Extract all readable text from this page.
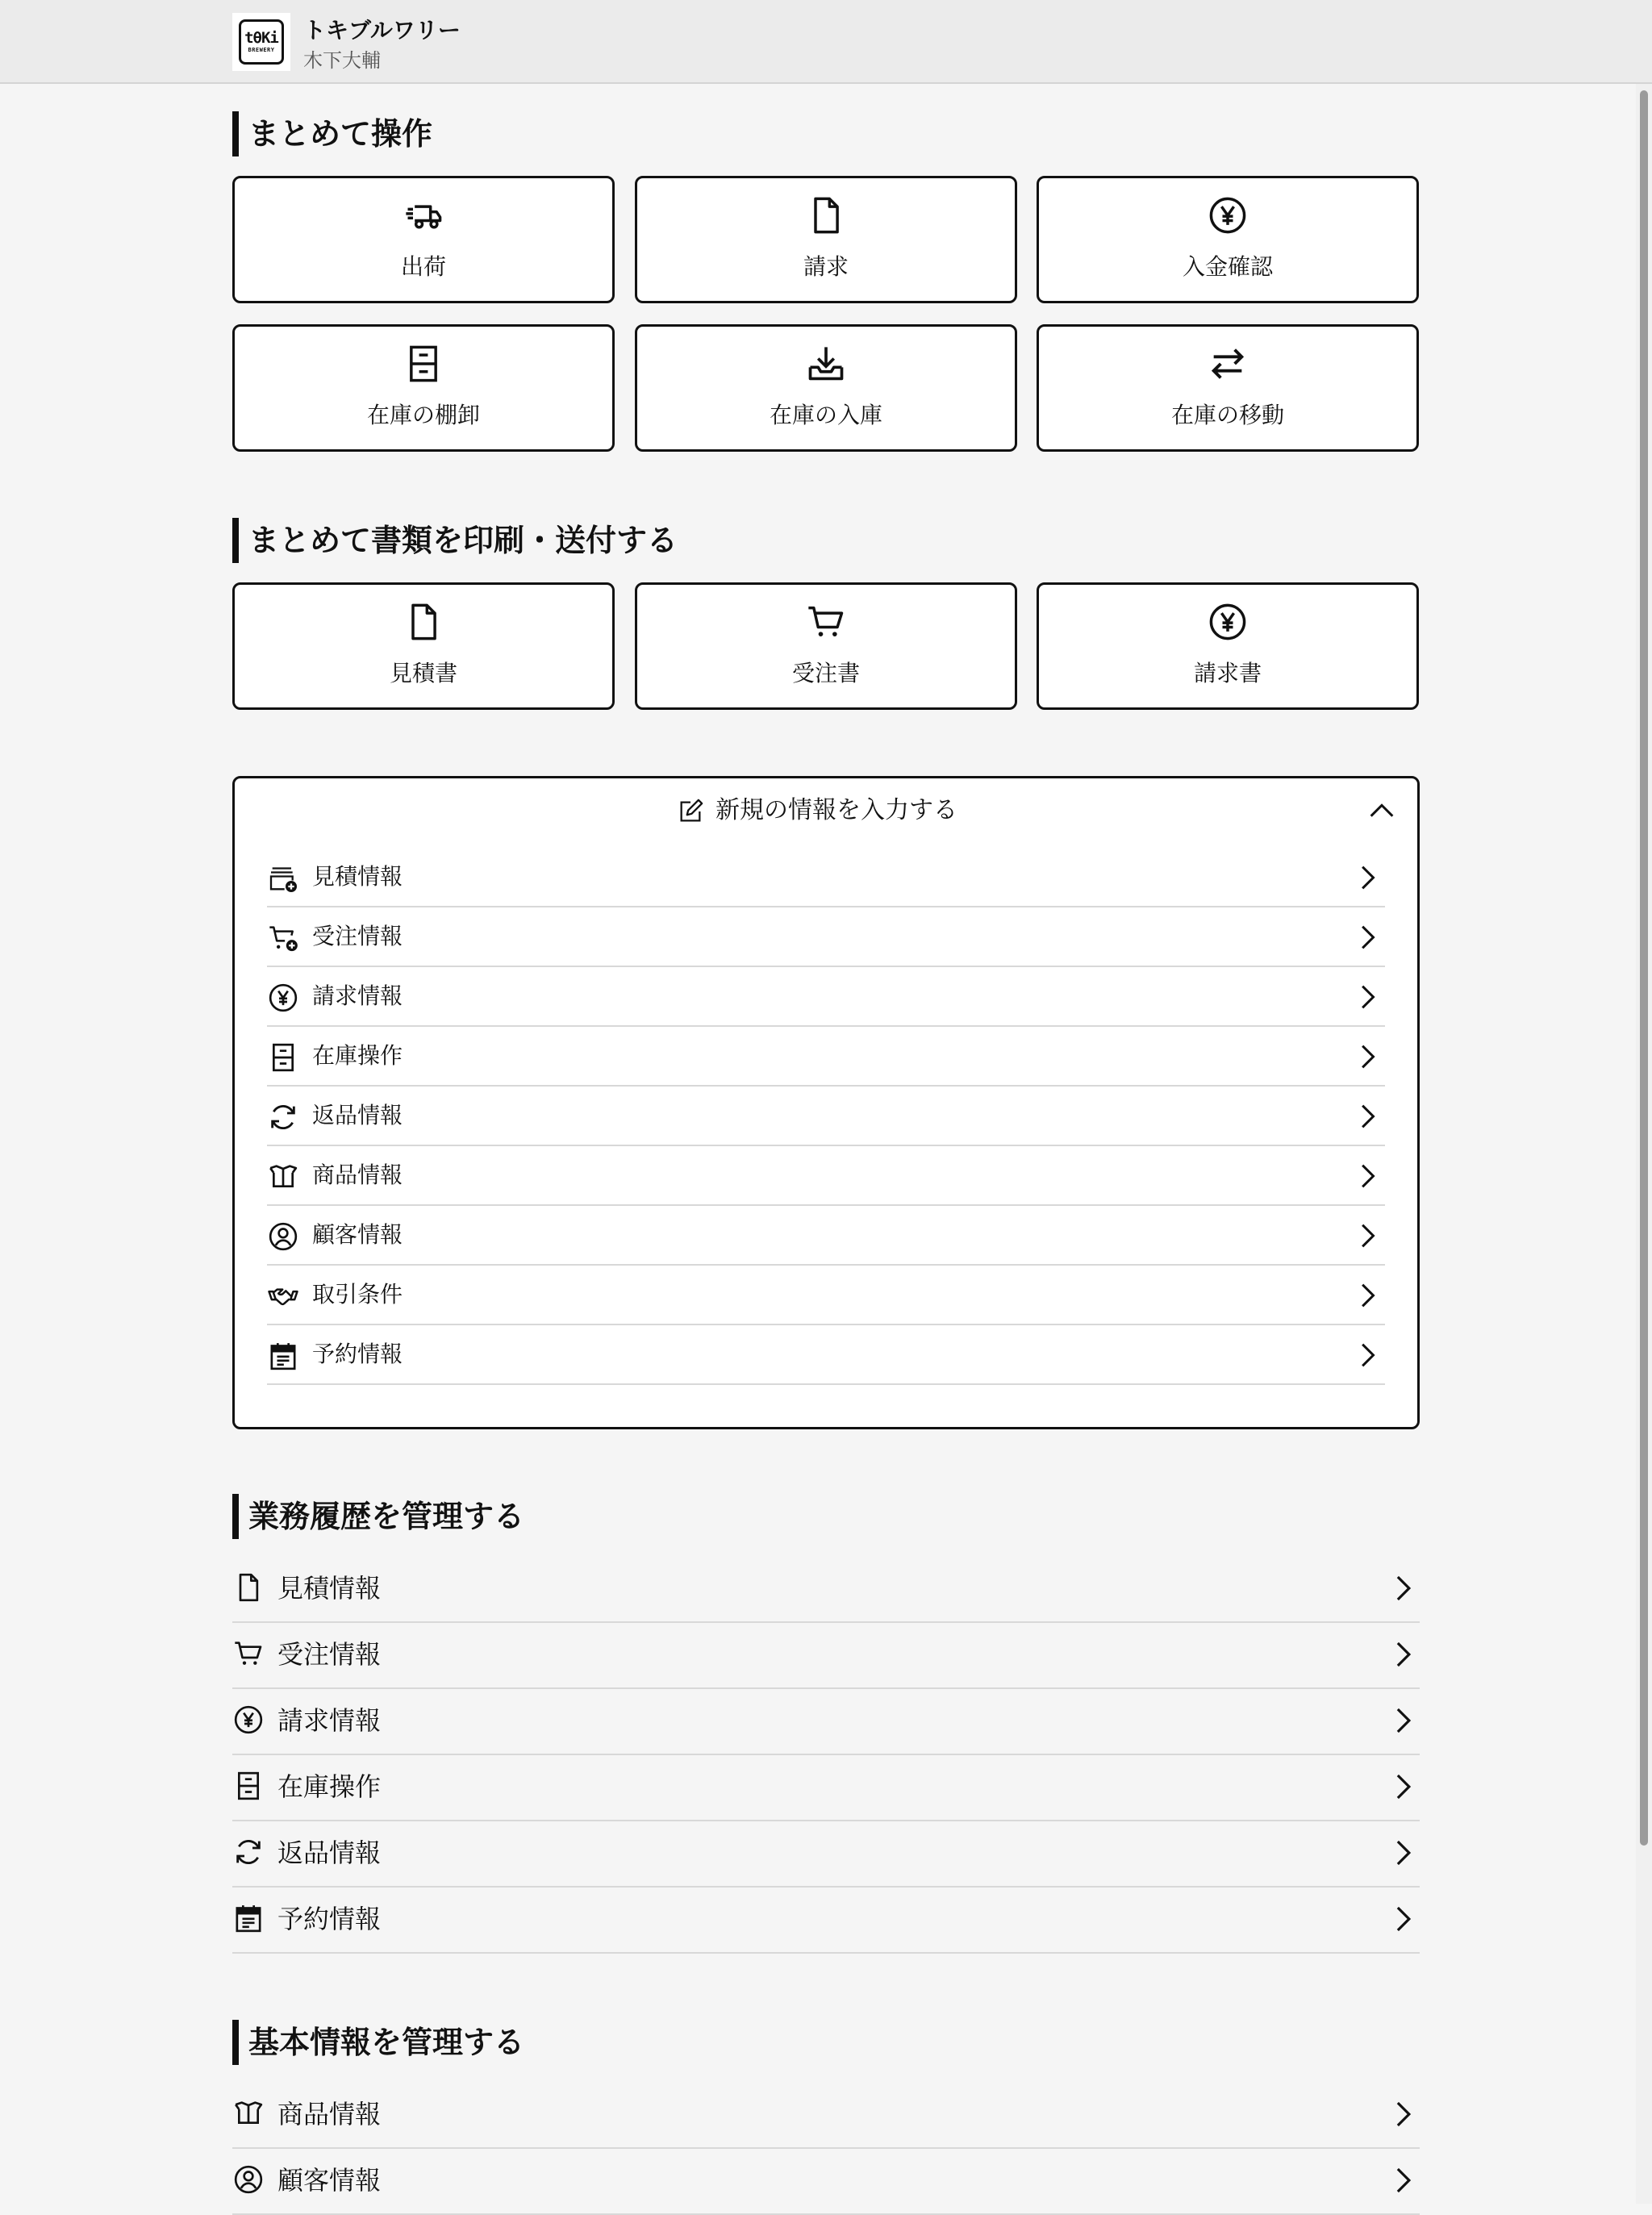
tθKi
BREWERY
トキブルワリー
木下大輔
まとめて操作
出荷	請求	入金確認
在庫の棚卸	在庫の入庫	在庫の移動
まとめて書類を印刷・送付する
見積書	受注書	請求書
新規の情報を入力する
見積情報
受注情報
請求情報
在庫操作
返品情報
商品情報
顧客情報
取引条件
予約情報
業務履歴を管理する
見積情報
受注情報
請求情報
在庫操作
返品情報
予約情報
基本情報を管理する
商品情報
顧客情報
